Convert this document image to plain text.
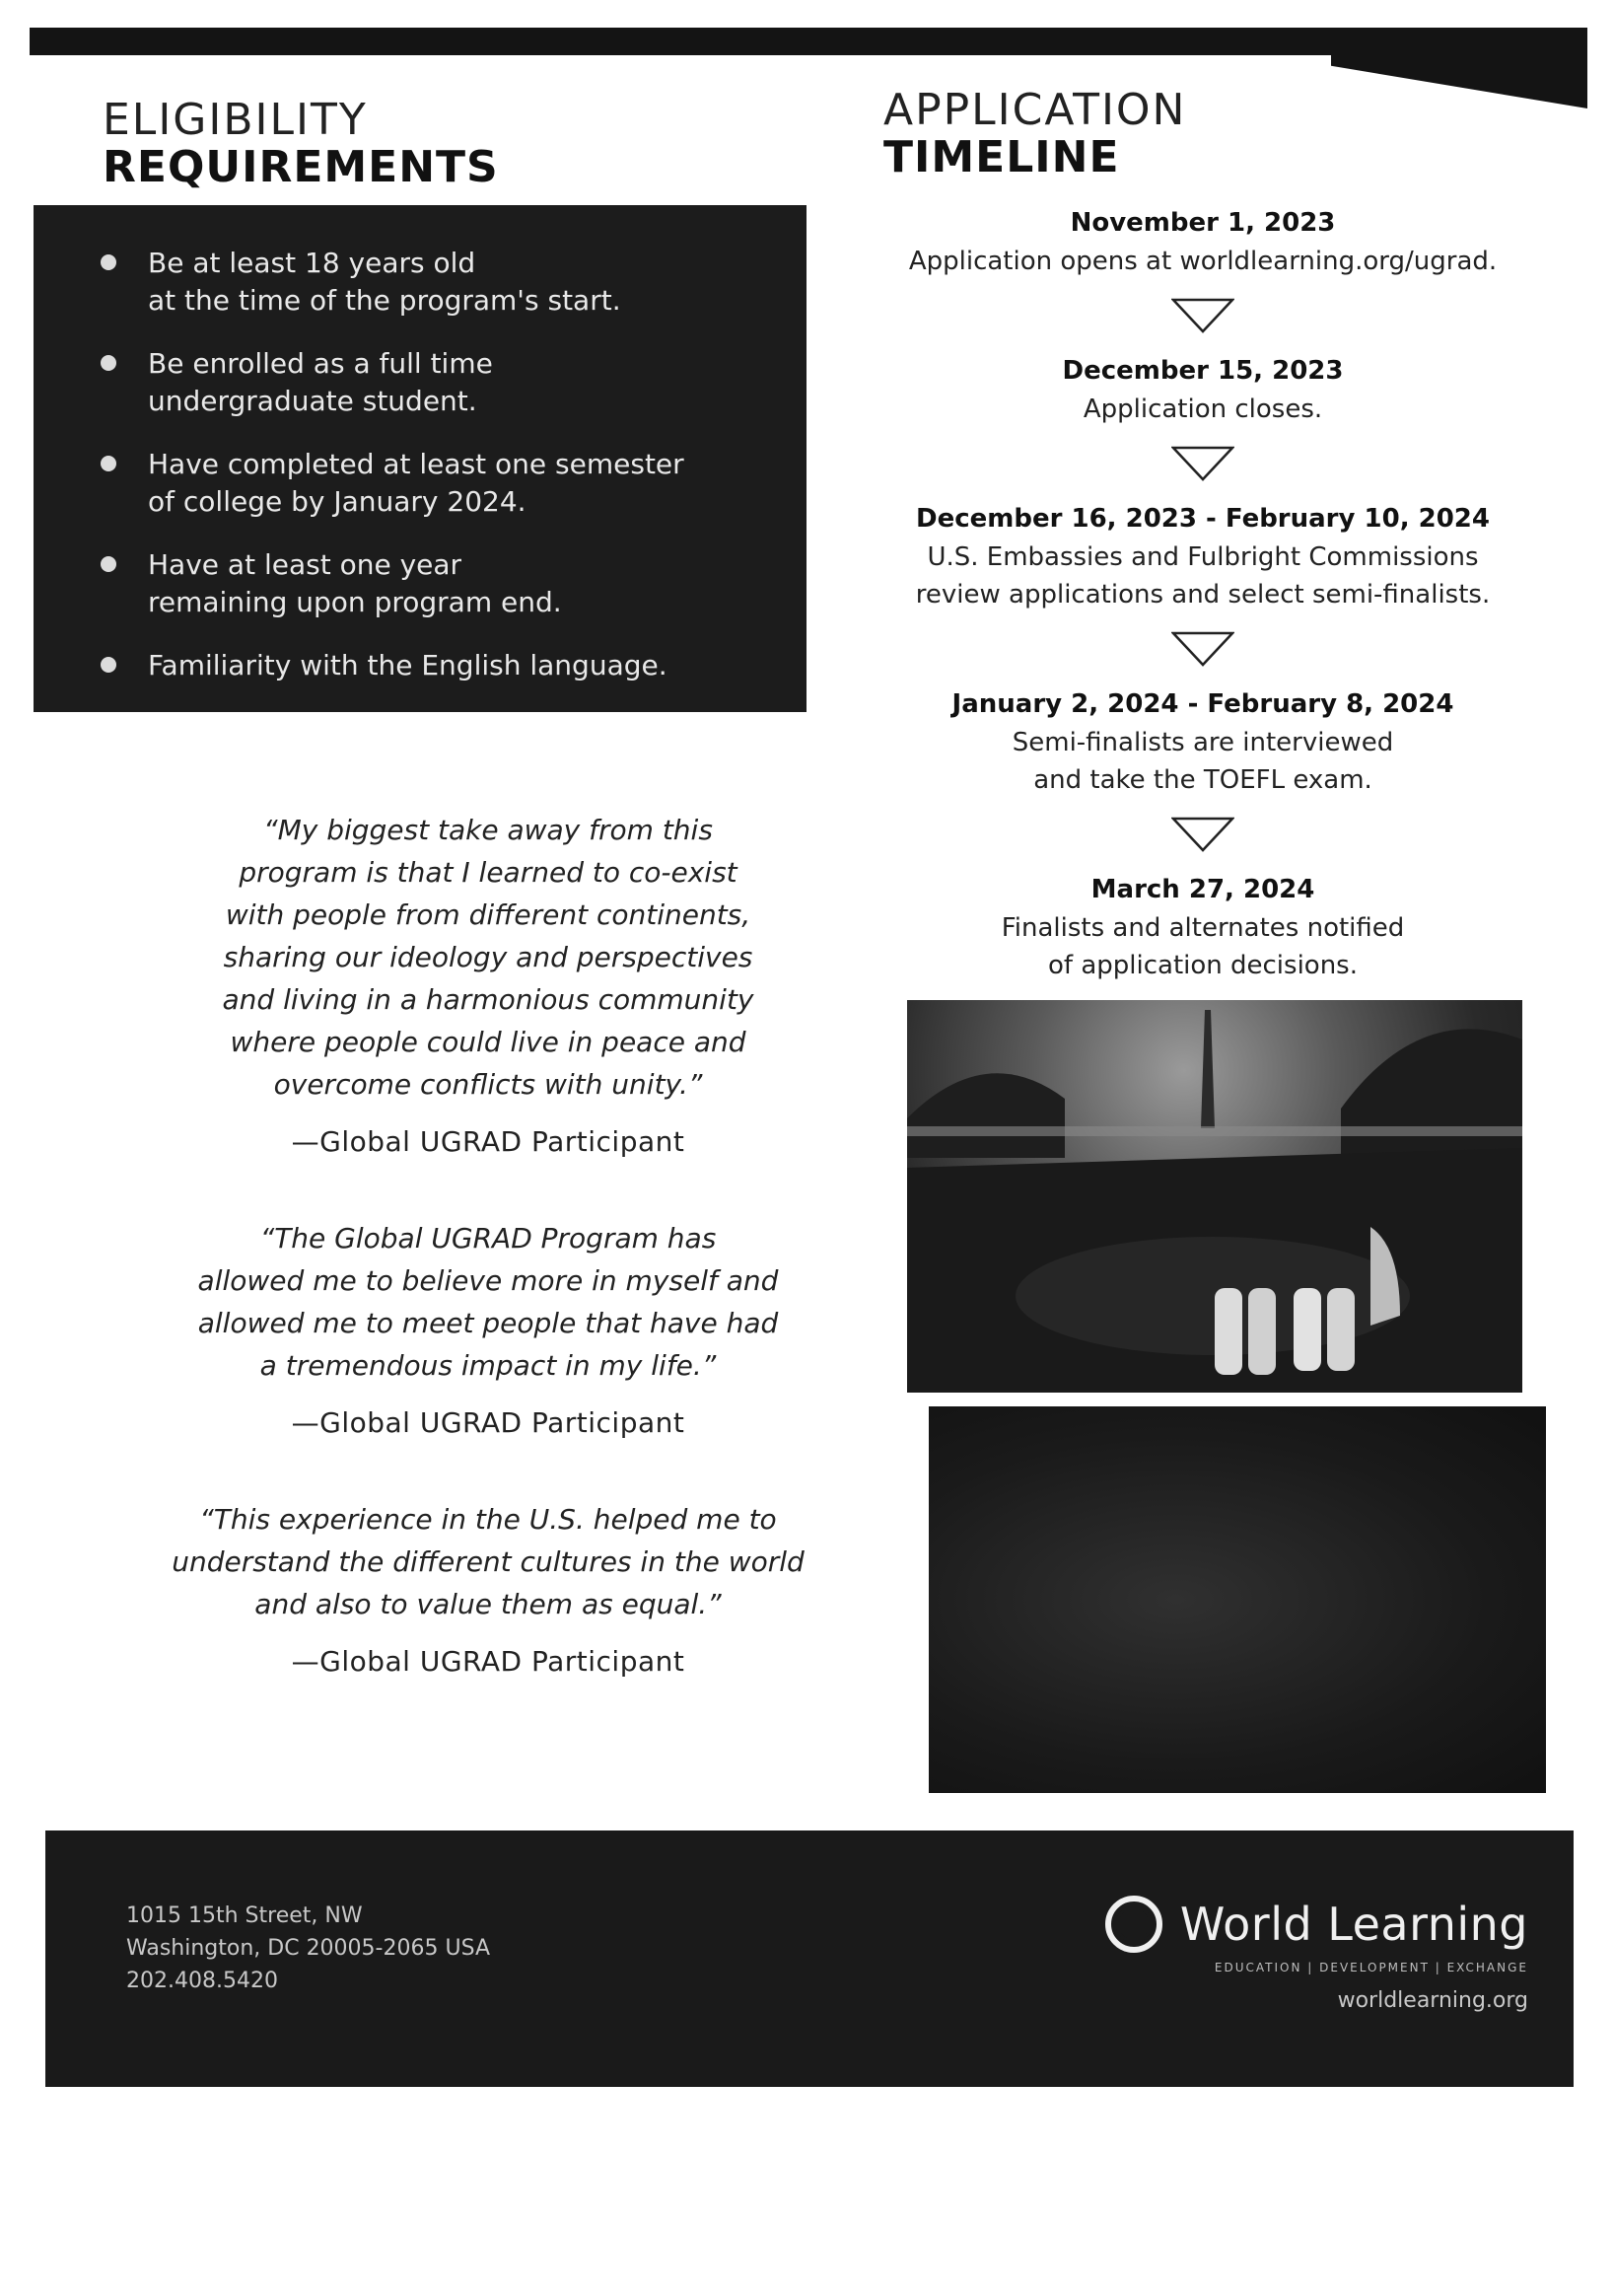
ELIGIBILITY
REQUIREMENTS
Be at least 18 years old
at the time of the program's start.
Be enrolled as a full time
undergraduate student.
Have completed at least one semester
of college by January 2024.
Have at least one year
remaining upon program end.
Familiarity with the English language.
“My biggest take away from this
program is that I learned to co-exist
with people from different continents,
sharing our ideology and perspectives
and living in a harmonious community
where people could live in peace and
overcome conflicts with unity.”
—Global UGRAD Participant
“The Global UGRAD Program has
allowed me to believe more in myself and
allowed me to meet people that have had
a tremendous impact in my life.”
—Global UGRAD Participant
“This experience in the U.S. helped me to
understand the different cultures in the world
and also to value them as equal.”
—Global UGRAD Participant
APPLICATION
TIMELINE
November 1, 2023
Application opens at worldlearning.org/ugrad.
December 15, 2023
Application closes.
December 16, 2023 - February 10, 2024
U.S. Embassies and Fulbright Commissions
review applications and select semi-finalists.
January 2, 2024 - February 8, 2024
Semi-finalists are interviewed
and take the TOEFL exam.
March 27, 2024
Finalists and alternates notified
of application decisions.
1015 15th Street, NW
Washington, DC 20005-2065 USA
202.408.5420
World Learning
EDUCATION | DEVELOPMENT | EXCHANGE
worldlearning.org
